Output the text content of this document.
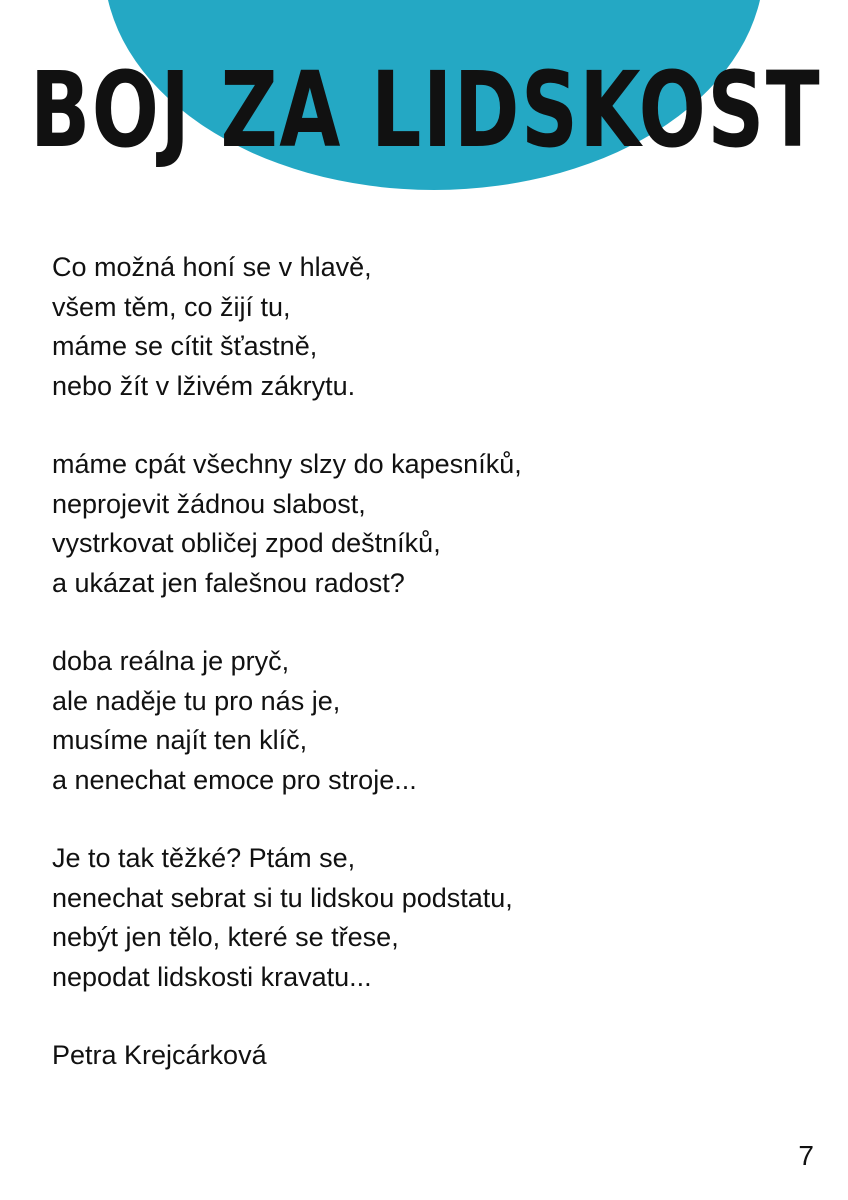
BOJ ZA LIDSKOST
Co možná honí se v hlavě,
všem těm, co žijí tu,
máme se cítit šťastně,
nebo žít v lživém zákrytu.
máme cpát všechny slzy do kapesníků,
neprojevit žádnou slabost,
vystrkovat obličej zpod deštníků,
a ukázat jen falešnou radost?
doba reálna je pryč,
ale naděje tu pro nás je,
musíme najít ten klíč,
a nenechat emoce pro stroje...
Je to tak těžké? Ptám se,
nenechat sebrat si tu lidskou podstatu,
nebýt jen tělo, které se třese,
nepodat lidskosti kravatu...
Petra Krejcárková
7
